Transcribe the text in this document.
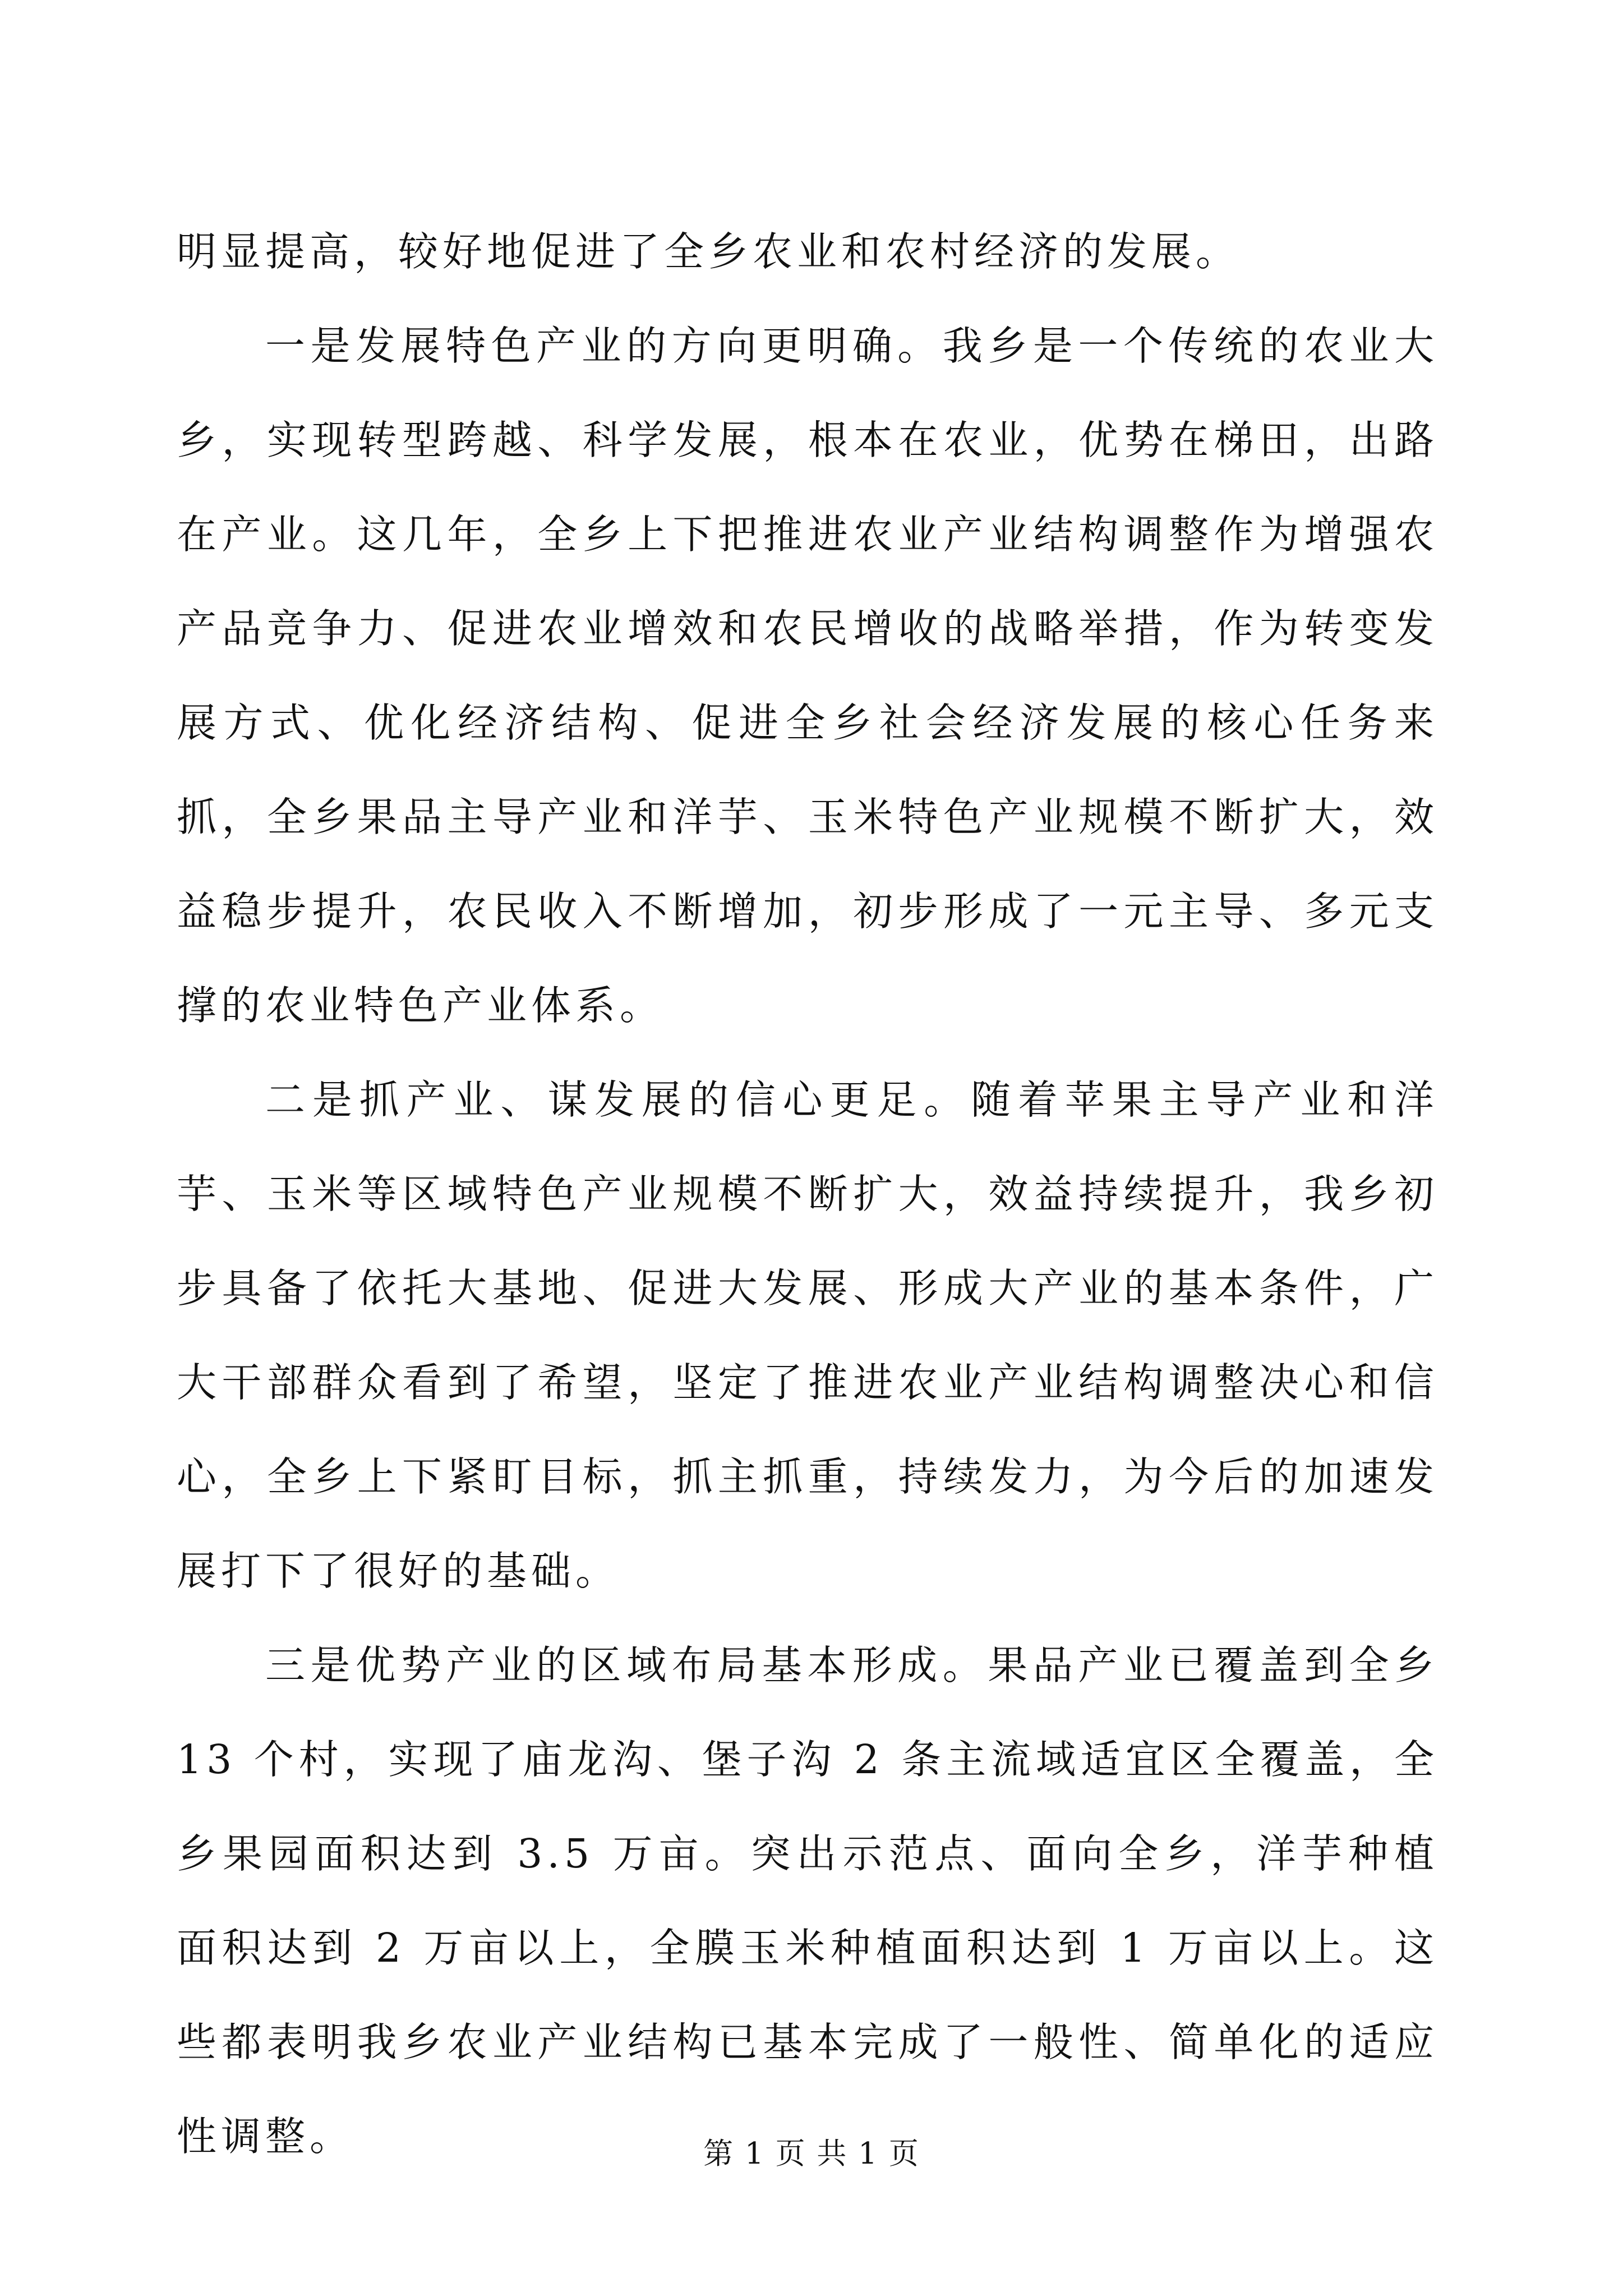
明显提高，较好地促进了全乡农业和农村经济的发展。

一是发展特色产业的方向更明确。我乡是一个传统的农业大乡，实现转型跨越、科学发展，根本在农业，优势在梯田，出路在产业。这几年，全乡上下把推进农业产业结构调整作为增强农产品竞争力、促进农业增效和农民增收的战略举措，作为转变发展方式、优化经济结构、促进全乡社会经济发展的核心任务来抓，全乡果品主导产业和洋芋、玉米特色产业规模不断扩大，效益稳步提升，农民收入不断增加，初步形成了一元主导、多元支撑的农业特色产业体系。

二是抓产业、谋发展的信心更足。随着苹果主导产业和洋芋、玉米等区域特色产业规模不断扩大，效益持续提升，我乡初步具备了依托大基地、促进大发展、形成大产业的基本条件，广大干部群众看到了希望，坚定了推进农业产业结构调整决心和信心，全乡上下紧盯目标，抓主抓重，持续发力，为今后的加速发展打下了很好的基础。

三是优势产业的区域布局基本形成。果品产业已覆盖到全乡 13 个村，实现了庙龙沟、堡子沟 2 条主流域适宜区全覆盖，全乡果园面积达到 3.5 万亩。突出示范点、面向全乡，洋芋种植面积达到 2 万亩以上，全膜玉米种植面积达到 1 万亩以上。这些都表明我乡农业产业结构已基本完成了一般性、简单化的适应性调整。	第 1 页 共 1 页
